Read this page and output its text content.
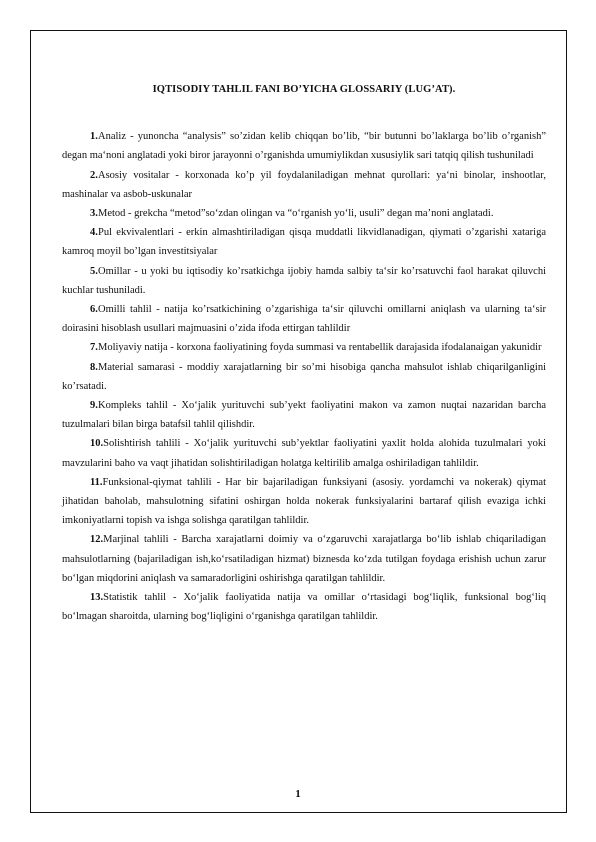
IQTISODIY TAHLIL FANI BO’YICHA GLOSSARIY (LUG’AT).

1.Analiz - yunoncha “analysis” so’zidan kelib chiqqan bo’lib, “bir butunni bo’laklarga bo’lib o’rganish” degan ma‘noni anglatadi yoki biror jarayonni o’rganishda umumiylikdan xususiylik sari tatqiq qilish tushuniladi

2.Asosiy vositalar - korxonada ko’p yil foydalaniladigan mehnat qurollari: ya‘ni binolar, inshootlar, mashinalar va asbob-uskunalar

3.Metod - grekcha “metod”so‘zdan olingan va “o‘rganish yo‘li, usuli” degan ma’noni anglatadi.

4.Pul ekvivalentlari - erkin almashtiriladigan qisqa muddatli likvidlanadigan, qiymati o’zgarishi xatariga kamroq moyil bo’lgan investitsiyalar

5.Omillar - u yoki bu iqtisodiy ko’rsatkichga ijobiy hamda salbiy ta‘sir ko’rsatuvchi faol harakat qiluvchi kuchlar tushuniladi.

6.Omilli tahlil - natija ko’rsatkichining o’zgarishiga ta‘sir qiluvchi omillarni aniqlash va ularning ta‘sir doirasini hisoblash usullari majmuasini o’zida ifoda ettirgan tahlildir

7.Moliyaviy natija - korxona faoliyatining foyda summasi va rentabellik darajasida ifodalanaigan yakunidir

8.Material samarasi - moddiy xarajatlarning bir so’mi hisobiga qancha mahsulot ishlab chiqarilganligini ko’rsatadi.

9.Kompleks tahlil - Xo‘jalik yurituvchi sub’yekt faoliyatini makon va zamon nuqtai nazaridan barcha tuzulmalari bilan birga batafsil tahlil qilishdir.

10.Solishtirish tahlili - Xo‘jalik yurituvchi sub’yektlar faoliyatini yaxlit holda alohida tuzulmalari yoki mavzularini baho va vaqt jihatidan solishtiriladigan holatga keltirilib amalga oshiriladigan tahlildir.

11.Funksional-qiymat tahlili - Har bir bajariladigan funksiyani (asosiy. yordamchi va nokerak) qiymat jihatidan baholab, mahsulotning sifatini oshirgan holda nokerak funksiyalarini bartaraf qilish evaziga ichki imkoniyatlarni topish va ishga solishga qaratilgan tahlildir.

12.Marjinal tahlili - Barcha xarajatlarni doimiy va o‘zgaruvchi xarajatlarga bo‘lib ishlab chiqariladigan mahsulotlarning (bajariladigan ish,ko‘rsatiladigan hizmat) biznesda ko‘zda tutilgan foydaga erishish uchun zarur bo‘lgan miqdorini aniqlash va samaradorligini oshirishga qaratilgan tahlildir.

13.Statistik tahlil - Xo‘jalik faoliyatida natija va omillar o‘rtasidagi bog‘liqlik, funksional bog‘liq bo‘lmagan sharoitda, ularning bog‘liqligini o‘rganishga qaratilgan tahlildir.

1
